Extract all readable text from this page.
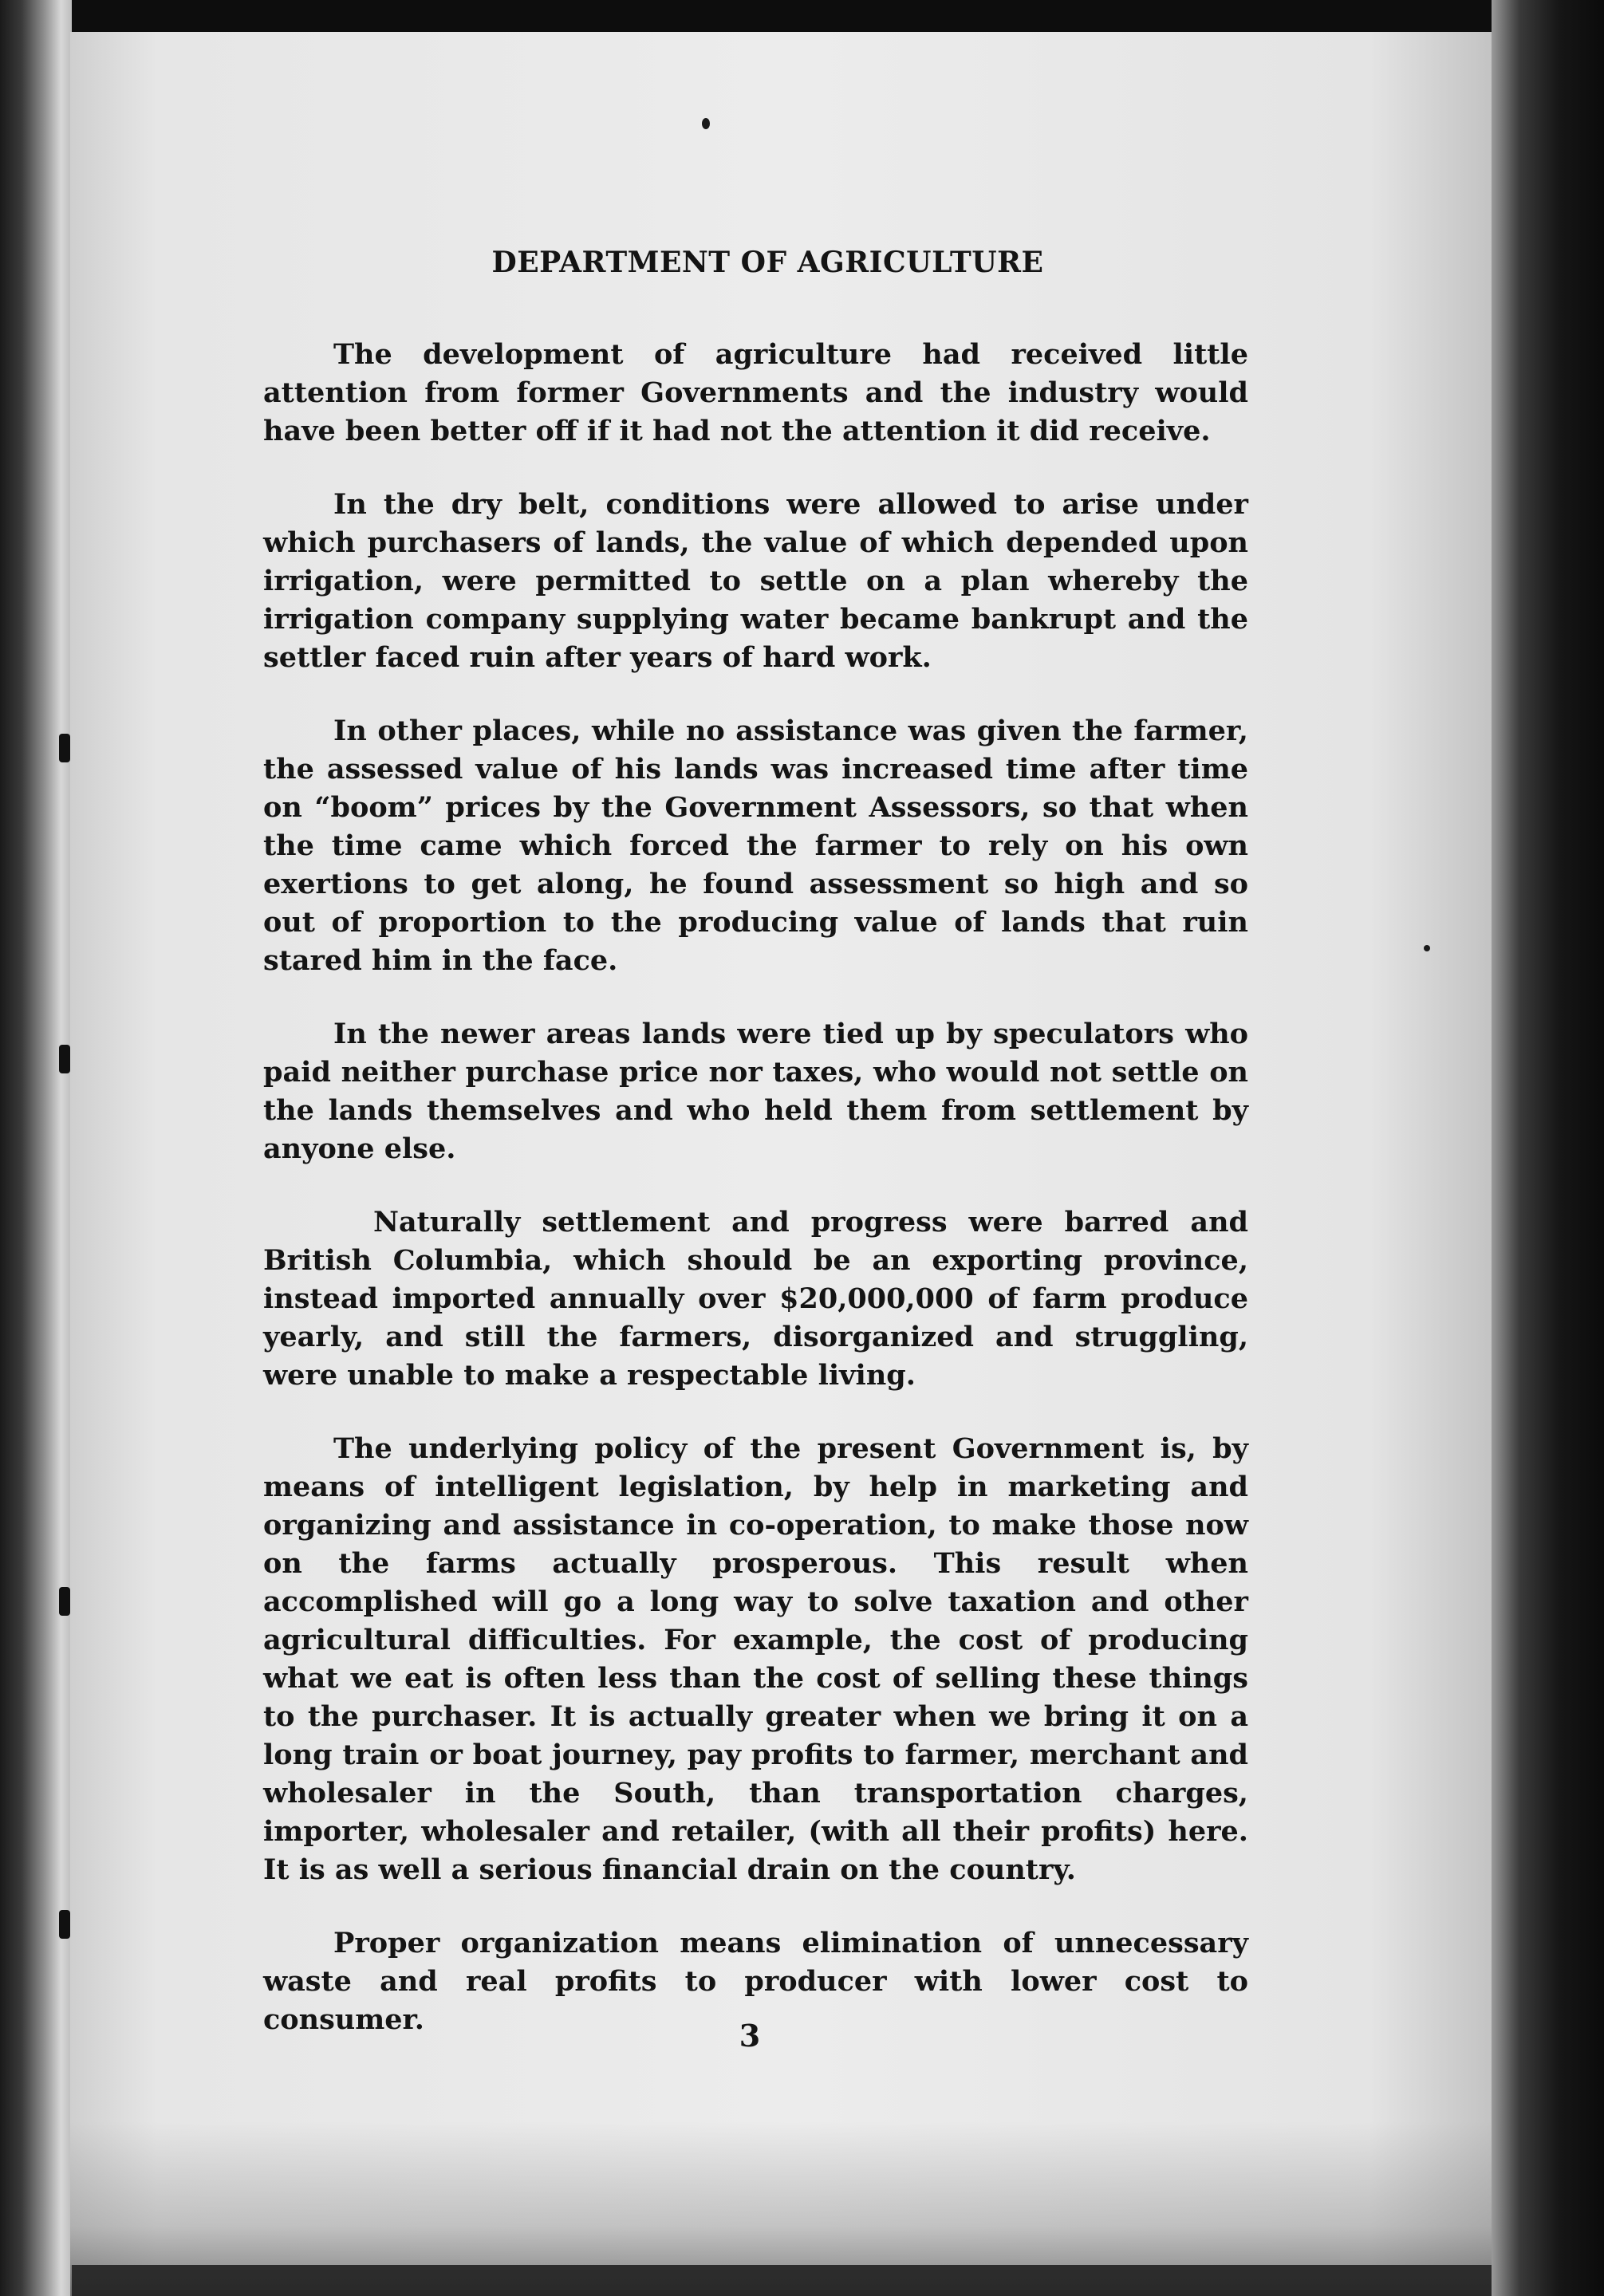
DEPARTMENT OF AGRICULTURE

The development of agriculture had received little attention from former Governments and the industry would have been better off if it had not the attention it did receive.

In the dry belt, conditions were allowed to arise under which purchasers of lands, the value of which depended upon irrigation, were permitted to settle on a plan whereby the irrigation company supplying water became bankrupt and the settler faced ruin after years of hard work.

In other places, while no assistance was given the farmer, the assessed value of his lands was increased time after time on “boom” prices by the Government Assessors, so that when the time came which forced the farmer to rely on his own exertions to get along, he found assessment so high and so out of proportion to the producing value of lands that ruin stared him in the face.

In the newer areas lands were tied up by speculators who paid neither purchase price nor taxes, who would not settle on the lands themselves and who held them from settlement by anyone else.

Naturally settlement and progress were barred and British Columbia, which should be an exporting province, instead imported annually over $20,000,000 of farm produce yearly, and still the farmers, disorganized and struggling, were unable to make a respectable living.

The underlying policy of the present Government is, by means of intelligent legislation, by help in marketing and organizing and assistance in co-operation, to make those now on the farms actually prosperous. This result when accomplished will go a long way to solve taxation and other agricultural difficulties. For example, the cost of producing what we eat is often less than the cost of selling these things to the purchaser. It is actually greater when we bring it on a long train or boat journey, pay profits to farmer, merchant and wholesaler in the South, than transportation charges, importer, wholesaler and retailer, (with all their profits) here. It is as well a serious financial drain on the country.

Proper organization means elimination of unnecessary waste and real profits to producer with lower cost to consumer.	3
